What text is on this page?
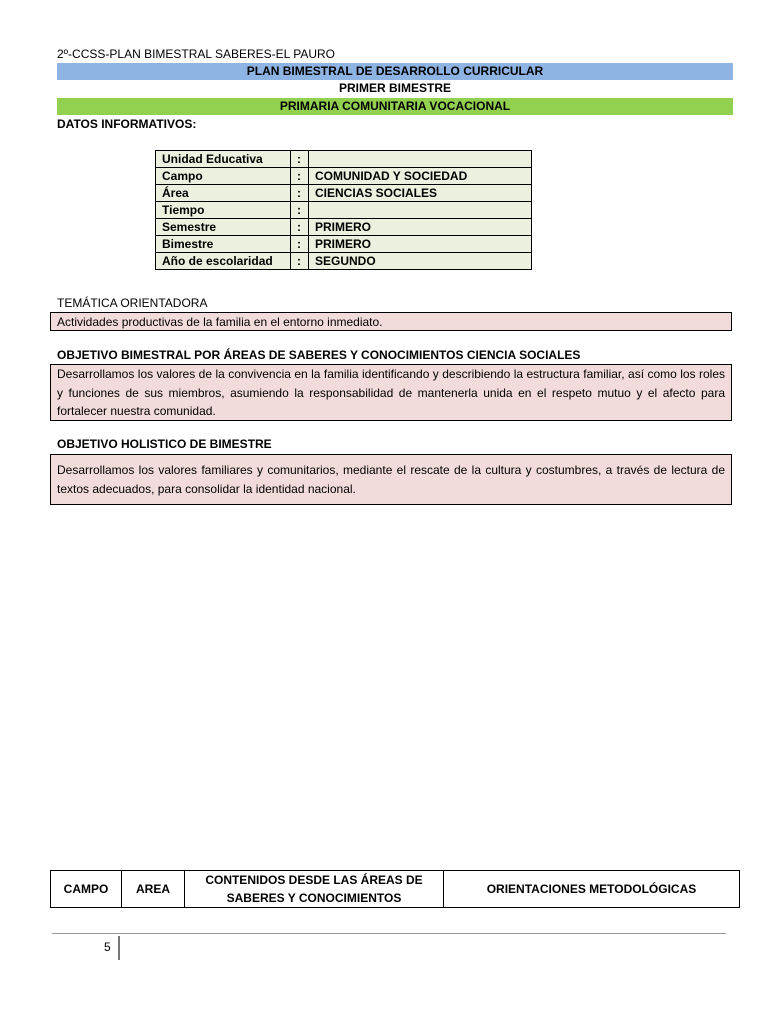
2º-CCSS-PLAN BIMESTRAL SABERES-EL PAURO
PLAN BIMESTRAL DE DESARROLLO CURRICULAR
PRIMER BIMESTRE
PRIMARIA COMUNITARIA VOCACIONAL
DATOS INFORMATIVOS:
Unidad Educativa	:	
Campo	:	COMUNIDAD Y SOCIEDAD
Área	:	CIENCIAS SOCIALES
Tiempo	:	
Semestre	:	PRIMERO
Bimestre	:	PRIMERO
Año de escolaridad	:	SEGUNDO
TEMÁTICA ORIENTADORA
Actividades productivas de la familia en el entorno inmediato.
OBJETIVO BIMESTRAL POR ÁREAS DE SABERES Y CONOCIMIENTOS CIENCIA SOCIALES
Desarrollamos los valores de la convivencia en la familia identificando y describiendo la estructura familiar, así como los roles y funciones de sus miembros, asumiendo la responsabilidad de mantenerla unida en el respeto mutuo y el afecto para fortalecer nuestra comunidad.
OBJETIVO HOLISTICO DE BIMESTRE
Desarrollamos los valores familiares y comunitarios, mediante el rescate de la cultura y costumbres, a través de lectura de textos adecuados, para consolidar la identidad nacional.
CAMPO	AREA	CONTENIDOS DESDE LAS ÁREAS DE SABERES Y CONOCIMIENTOS	ORIENTACIONES METODOLÓGICAS
5
